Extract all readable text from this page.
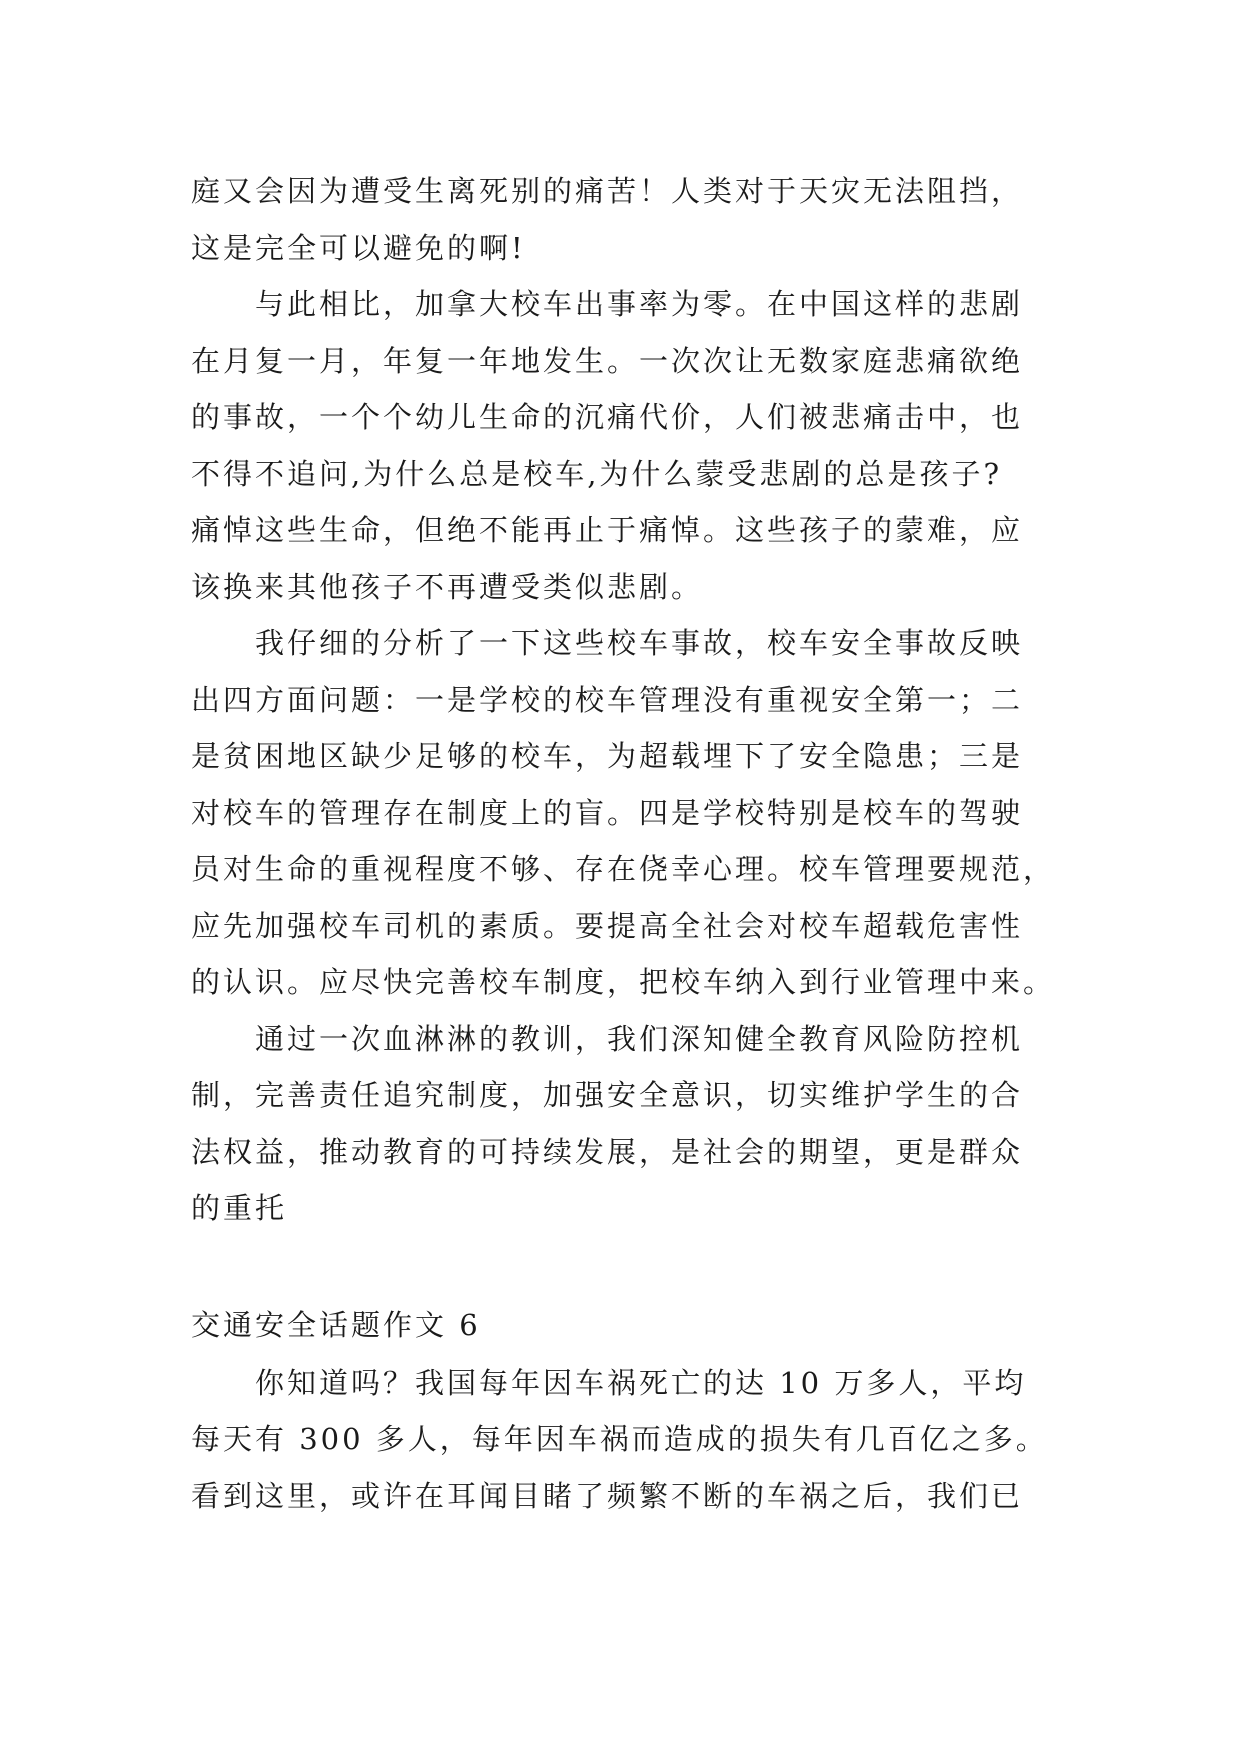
庭又会因为遭受生离死别的痛苦！人类对于天灾无法阻挡，
这是完全可以避免的啊!
与此相比，加拿大校车出事率为零。在中国这样的悲剧
在月复一月，年复一年地发生。一次次让无数家庭悲痛欲绝
的事故，一个个幼儿生命的沉痛代价，人们被悲痛击中，也
不得不追问,为什么总是校车,为什么蒙受悲剧的总是孩子?
痛悼这些生命，但绝不能再止于痛悼。这些孩子的蒙难，应
该换来其他孩子不再遭受类似悲剧。
我仔细的分析了一下这些校车事故，校车安全事故反映
出四方面问题：一是学校的校车管理没有重视安全第一；二
是贫困地区缺少足够的校车，为超载埋下了安全隐患；三是
对校车的管理存在制度上的盲。四是学校特别是校车的驾驶
员对生命的重视程度不够、存在侥幸心理。校车管理要规范，
应先加强校车司机的素质。要提高全社会对校车超载危害性
的认识。应尽快完善校车制度，把校车纳入到行业管理中来。
通过一次血淋淋的教训，我们深知健全教育风险防控机
制，完善责任追究制度，加强安全意识，切实维护学生的合
法权益，推动教育的可持续发展，是社会的期望，更是群众
的重托
交通安全话题作文 6
你知道吗？我国每年因车祸死亡的达 10 万多人，平均
每天有 300 多人，每年因车祸而造成的损失有几百亿之多。
看到这里，或许在耳闻目睹了频繁不断的车祸之后，我们已
